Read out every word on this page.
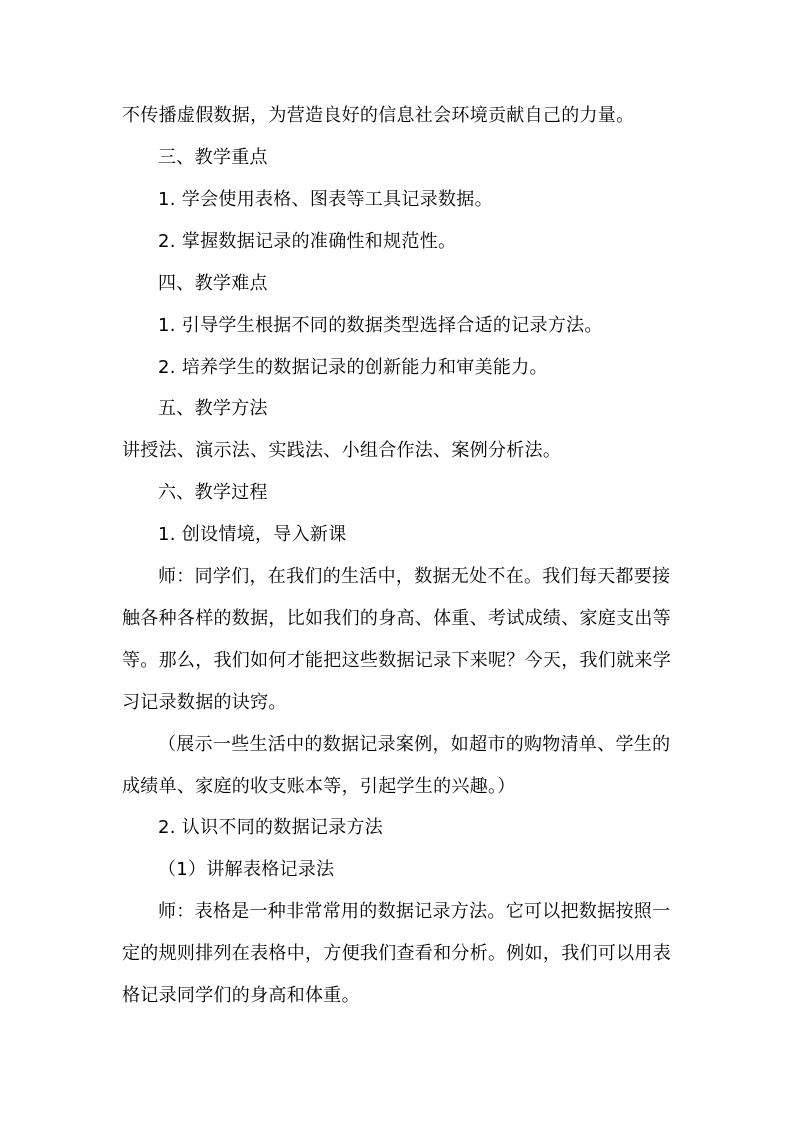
不传播虚假数据，为营造良好的信息社会环境贡献自己的力量。
三、教学重点
1. 学会使用表格、图表等工具记录数据。
2. 掌握数据记录的准确性和规范性。
四、教学难点
1. 引导学生根据不同的数据类型选择合适的记录方法。
2. 培养学生的数据记录的创新能力和审美能力。
五、教学方法
讲授法、演示法、实践法、小组合作法、案例分析法。
六、教学过程
1. 创设情境，导入新课
师：同学们，在我们的生活中，数据无处不在。我们每天都要接
触各种各样的数据，比如我们的身高、体重、考试成绩、家庭支出等
等。那么，我们如何才能把这些数据记录下来呢？今天，我们就来学
习记录数据的诀窍。
（展示一些生活中的数据记录案例，如超市的购物清单、学生的
成绩单、家庭的收支账本等，引起学生的兴趣。）
2. 认识不同的数据记录方法
（1）讲解表格记录法
师：表格是一种非常常用的数据记录方法。它可以把数据按照一
定的规则排列在表格中，方便我们查看和分析。例如，我们可以用表
格记录同学们的身高和体重。
